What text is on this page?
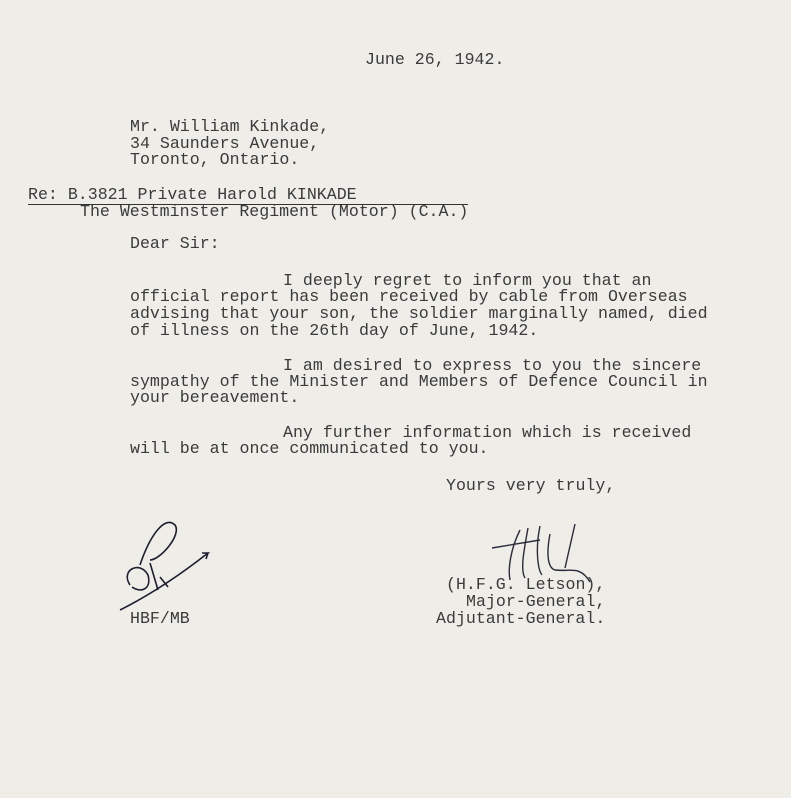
June 26, 1942.
Mr. William Kinkade,
34 Saunders Avenue,
Toronto, Ontario.
Re: B.3821 Private Harold KINKADE
The Westminster Regiment (Motor) (C.A.)
Dear Sir:
I deeply regret to inform you that an
official report has been received by cable from Overseas
advising that your son, the soldier marginally named, died
of illness on the 26th day of June, 1942.
I am desired to express to you the sincere
sympathy of the Minister and Members of Defence Council in
your bereavement.
Any further information which is received
will be at once communicated to you.
Yours very truly,
(H.F.G. Letson),
Major-General,
Adjutant-General.
HBF/MB
